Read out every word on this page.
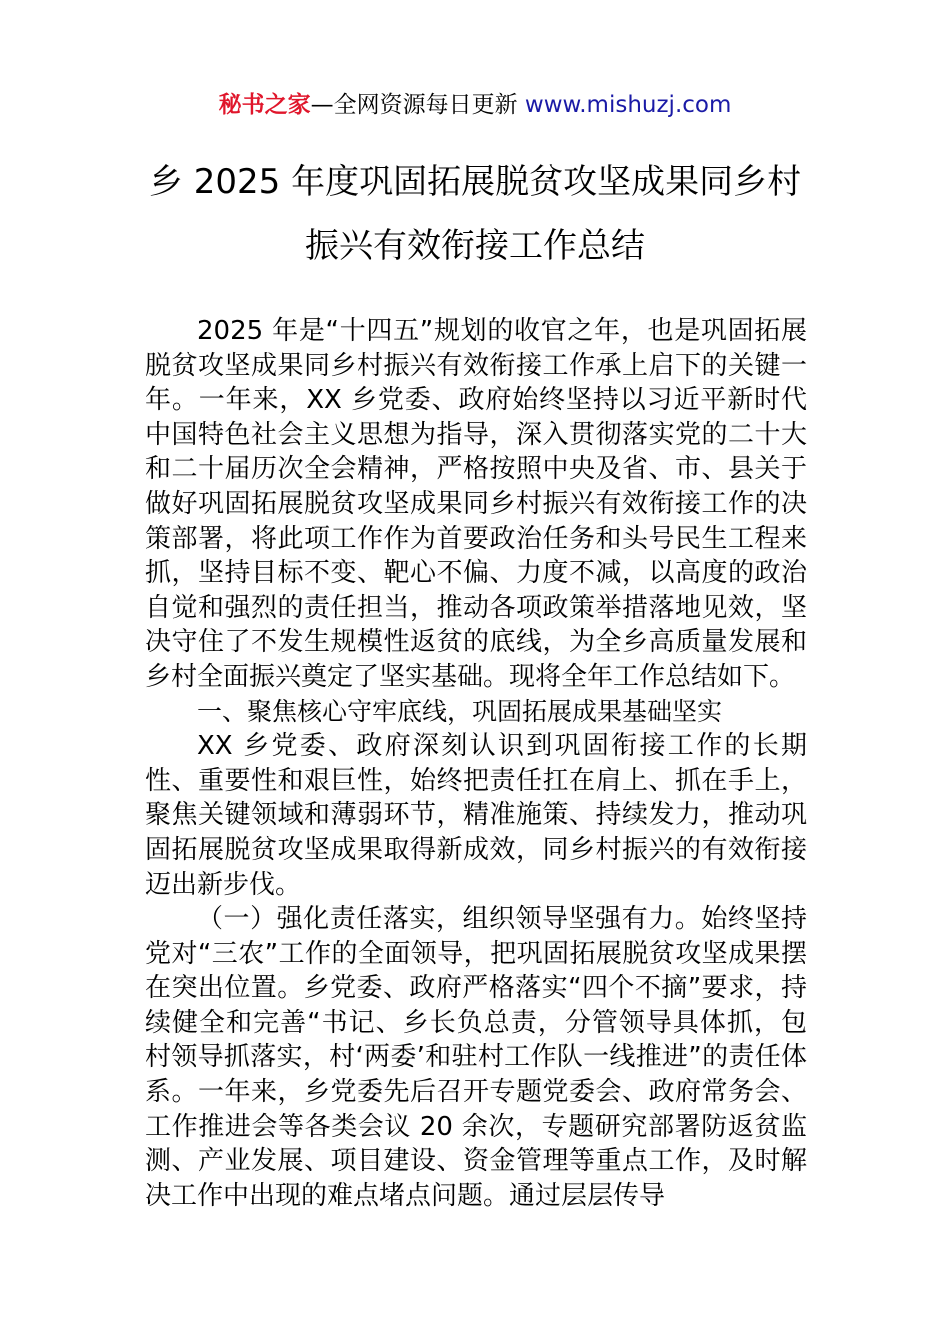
秘书之家—全网资源每日更新 www.mishuzj.com
乡 2025 年度巩固拓展脱贫攻坚成果同乡村
振兴有效衔接工作总结

2025 年是“十四五”规划的收官之年，也是巩固拓展脱贫攻坚成果同乡村振兴有效衔接工作承上启下的关键一年。一年来，XX 乡党委、政府始终坚持以习近平新时代中国特色社会主义思想为指导，深入贯彻落实党的二十大和二十届历次全会精神，严格按照中央及省、市、县关于做好巩固拓展脱贫攻坚成果同乡村振兴有效衔接工作的决策部署，将此项工作作为首要政治任务和头号民生工程来抓，坚持目标不变、靶心不偏、力度不减，以高度的政治自觉和强烈的责任担当，推动各项政策举措落地见效，坚决守住了不发生规模性返贫的底线，为全乡高质量发展和乡村全面振兴奠定了坚实基础。现将全年工作总结如下。

一、聚焦核心守牢底线，巩固拓展成果基础坚实

XX 乡党委、政府深刻认识到巩固衔接工作的长期性、重要性和艰巨性，始终把责任扛在肩上、抓在手上，聚焦关键领域和薄弱环节，精准施策、持续发力，推动巩固拓展脱贫攻坚成果取得新成效，同乡村振兴的有效衔接迈出新步伐。

（一）强化责任落实，组织领导坚强有力。始终坚持党对“三农”工作的全面领导，把巩固拓展脱贫攻坚成果摆在突出位置。乡党委、政府严格落实“四个不摘”要求，持续健全和完善“书记、乡长负总责，分管领导具体抓，包村领导抓落实，村‘两委’和驻村工作队一线推进”的责任体系。一年来，乡党委先后召开专题党委会、政府常务会、工作推进会等各类会议 20 余次，专题研究部署防返贫监测、产业发展、项目建设、资金管理等重点工作，及时解决工作中出现的难点堵点问题。通过层层传导
